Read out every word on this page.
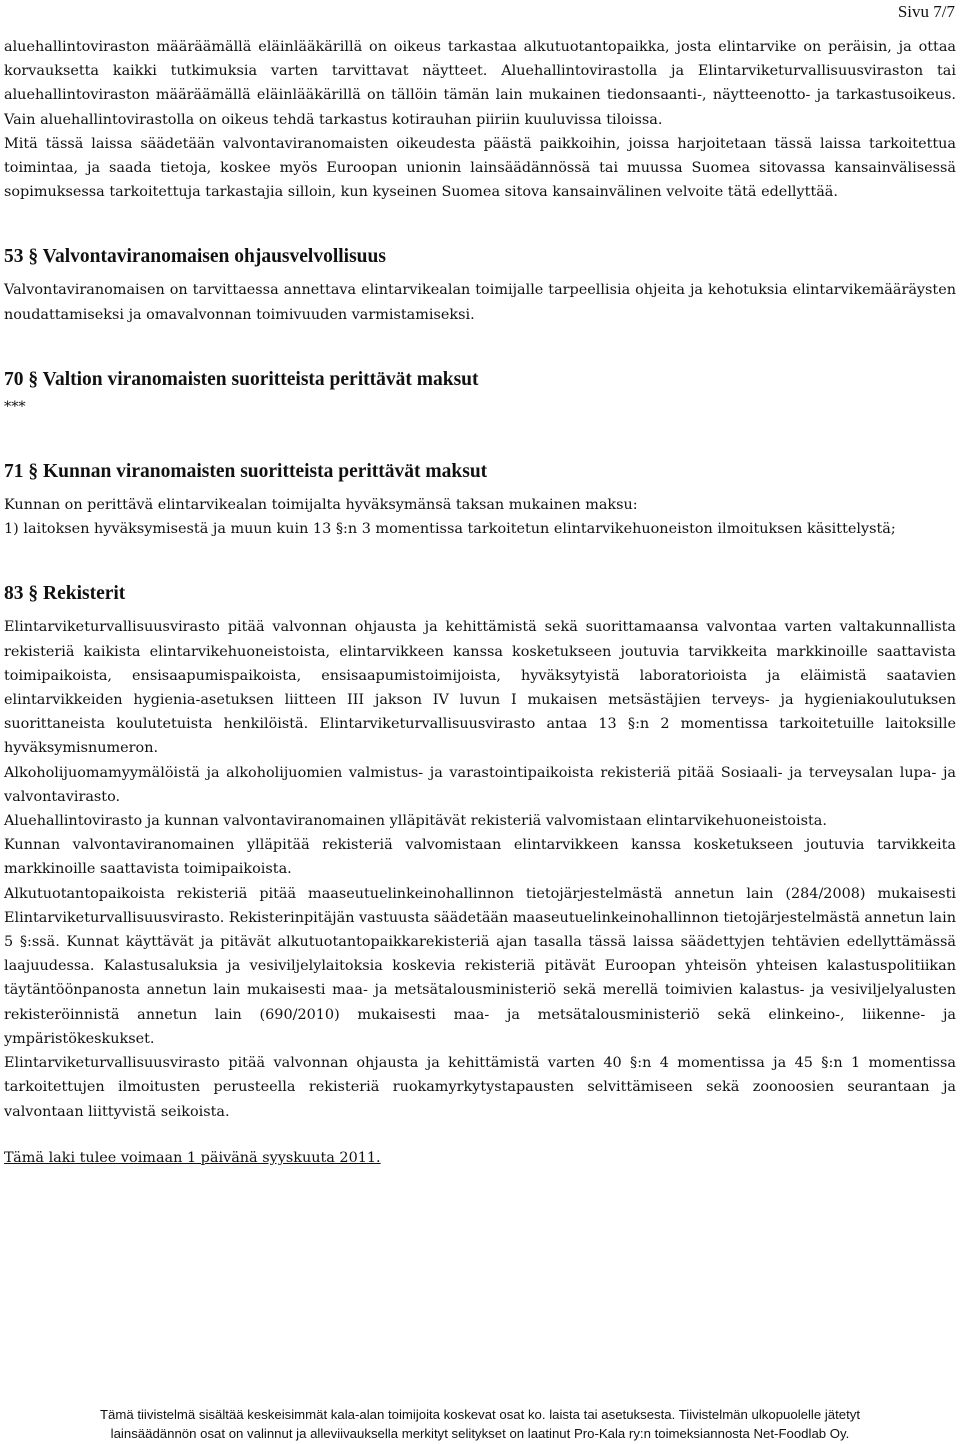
Sivu 7/7

aluehallintoviraston määräämällä eläinlääkärillä on oikeus tarkastaa alkutuotantopaikka, josta elintarvike on peräisin, ja ottaa korvauksetta kaikki tutkimuksia varten tarvittavat näytteet. Aluehallintovirastolla ja Elintarviketurvallisuusviraston tai aluehallintoviraston määräämällä eläinlääkärillä on tällöin tämän lain mukainen tiedonsaanti-, näytteenotto- ja tarkastusoikeus. Vain aluehallintovirastolla on oikeus tehdä tarkastus kotirauhan piiriin kuuluvissa tiloissa.

Mitä tässä laissa säädetään valvontaviranomaisten oikeudesta päästä paikkoihin, joissa harjoitetaan tässä laissa tarkoitettua toimintaa, ja saada tietoja, koskee myös Euroopan unionin lainsäädännössä tai muussa Suomea sitovassa kansainvälisessä sopimuksessa tarkoitettuja tarkastajia silloin, kun kyseinen Suomea sitova kansainvälinen velvoite tätä edellyttää.

53 § Valvontaviranomaisen ohjausvelvollisuus

Valvontaviranomaisen on tarvittaessa annettava elintarvikealan toimijalle tarpeellisia ohjeita ja kehotuksia elintarvikemääräysten noudattamiseksi ja omavalvonnan toimivuuden varmistamiseksi.

70 § Valtion viranomaisten suoritteista perittävät maksut

***

71 § Kunnan viranomaisten suoritteista perittävät maksut

Kunnan on perittävä elintarvikealan toimijalta hyväksymänsä taksan mukainen maksu:

1) laitoksen hyväksymisestä ja muun kuin 13 §:n 3 momentissa tarkoitetun elintarvikehuoneiston ilmoituksen käsittelystä;

83 § Rekisterit

Elintarviketurvallisuusvirasto pitää valvonnan ohjausta ja kehittämistä sekä suorittamaansa valvontaa varten valtakunnallista rekisteriä kaikista elintarvikehuoneistoista, elintarvikkeen kanssa kosketukseen joutuvia tarvikkeita markkinoille saattavista toimipaikoista, ensisaapumispaikoista, ensisaapumistoimijoista, hyväksytyistä laboratorioista ja eläimistä saatavien elintarvikkeiden hygienia-asetuksen liitteen III jakson IV luvun I mukaisen metsästäjien terveys- ja hygieniakoulutuksen suorittaneista koulutetuista henkilöistä. Elintarviketurvallisuusvirasto antaa 13 §:n 2 momentissa tarkoitetuille laitoksille hyväksymisnumeron.

Alkoholijuomamyymälöistä ja alkoholijuomien valmistus- ja varastointipaikoista rekisteriä pitää Sosiaali- ja terveysalan lupa- ja valvontavirasto.

Aluehallintovirasto ja kunnan valvontaviranomainen ylläpitävät rekisteriä valvomistaan elintarvikehuoneistoista.

Kunnan valvontaviranomainen ylläpitää rekisteriä valvomistaan elintarvikkeen kanssa kosketukseen joutuvia tarvikkeita markkinoille saattavista toimipaikoista.

Alkutuotantopaikoista rekisteriä pitää maaseutuelinkeinohallinnon tietojärjestelmästä annetun lain (284/2008) mukaisesti Elintarviketurvallisuusvirasto. Rekisterinpitäjän vastuusta säädetään maaseutuelinkeinohallinnon tietojärjestelmästä annetun lain 5 §:ssä. Kunnat käyttävät ja pitävät alkutuotantopaikkarekisteriä ajan tasalla tässä laissa säädettyjen tehtävien edellyttämässä laajuudessa. Kalastusaluksia ja vesiviljelylaitoksia koskevia rekisteriä pitävät Euroopan yhteisön yhteisen kalastuspolitiikan täytäntöönpanosta annetun lain mukaisesti maa- ja metsätalousministeriö sekä merellä toimivien kalastus- ja vesiviljelyalusten rekisteröinnistä annetun lain (690/2010) mukaisesti maa- ja metsätalousministeriö sekä elinkeino-, liikenne- ja ympäristökeskukset.

Elintarviketurvallisuusvirasto pitää valvonnan ohjausta ja kehittämistä varten 40 §:n 4 momentissa ja 45 §:n 1 momentissa tarkoitettujen ilmoitusten perusteella rekisteriä ruokamyrkytystapausten selvittämiseen sekä zoonoosien seurantaan ja valvontaan liittyvistä seikoista.

Tämä laki tulee voimaan 1 päivänä syyskuuta 2011.

Tämä tiivistelmä sisältää keskeisimmät kala-alan toimijoita koskevat osat ko. laista tai asetuksesta. Tiivistelmän ulkopuolelle jätetyt
lainsäädännön osat on valinnut ja alleviivauksella merkityt selitykset on laatinut Pro-Kala ry:n toimeksiannosta Net-Foodlab Oy.
